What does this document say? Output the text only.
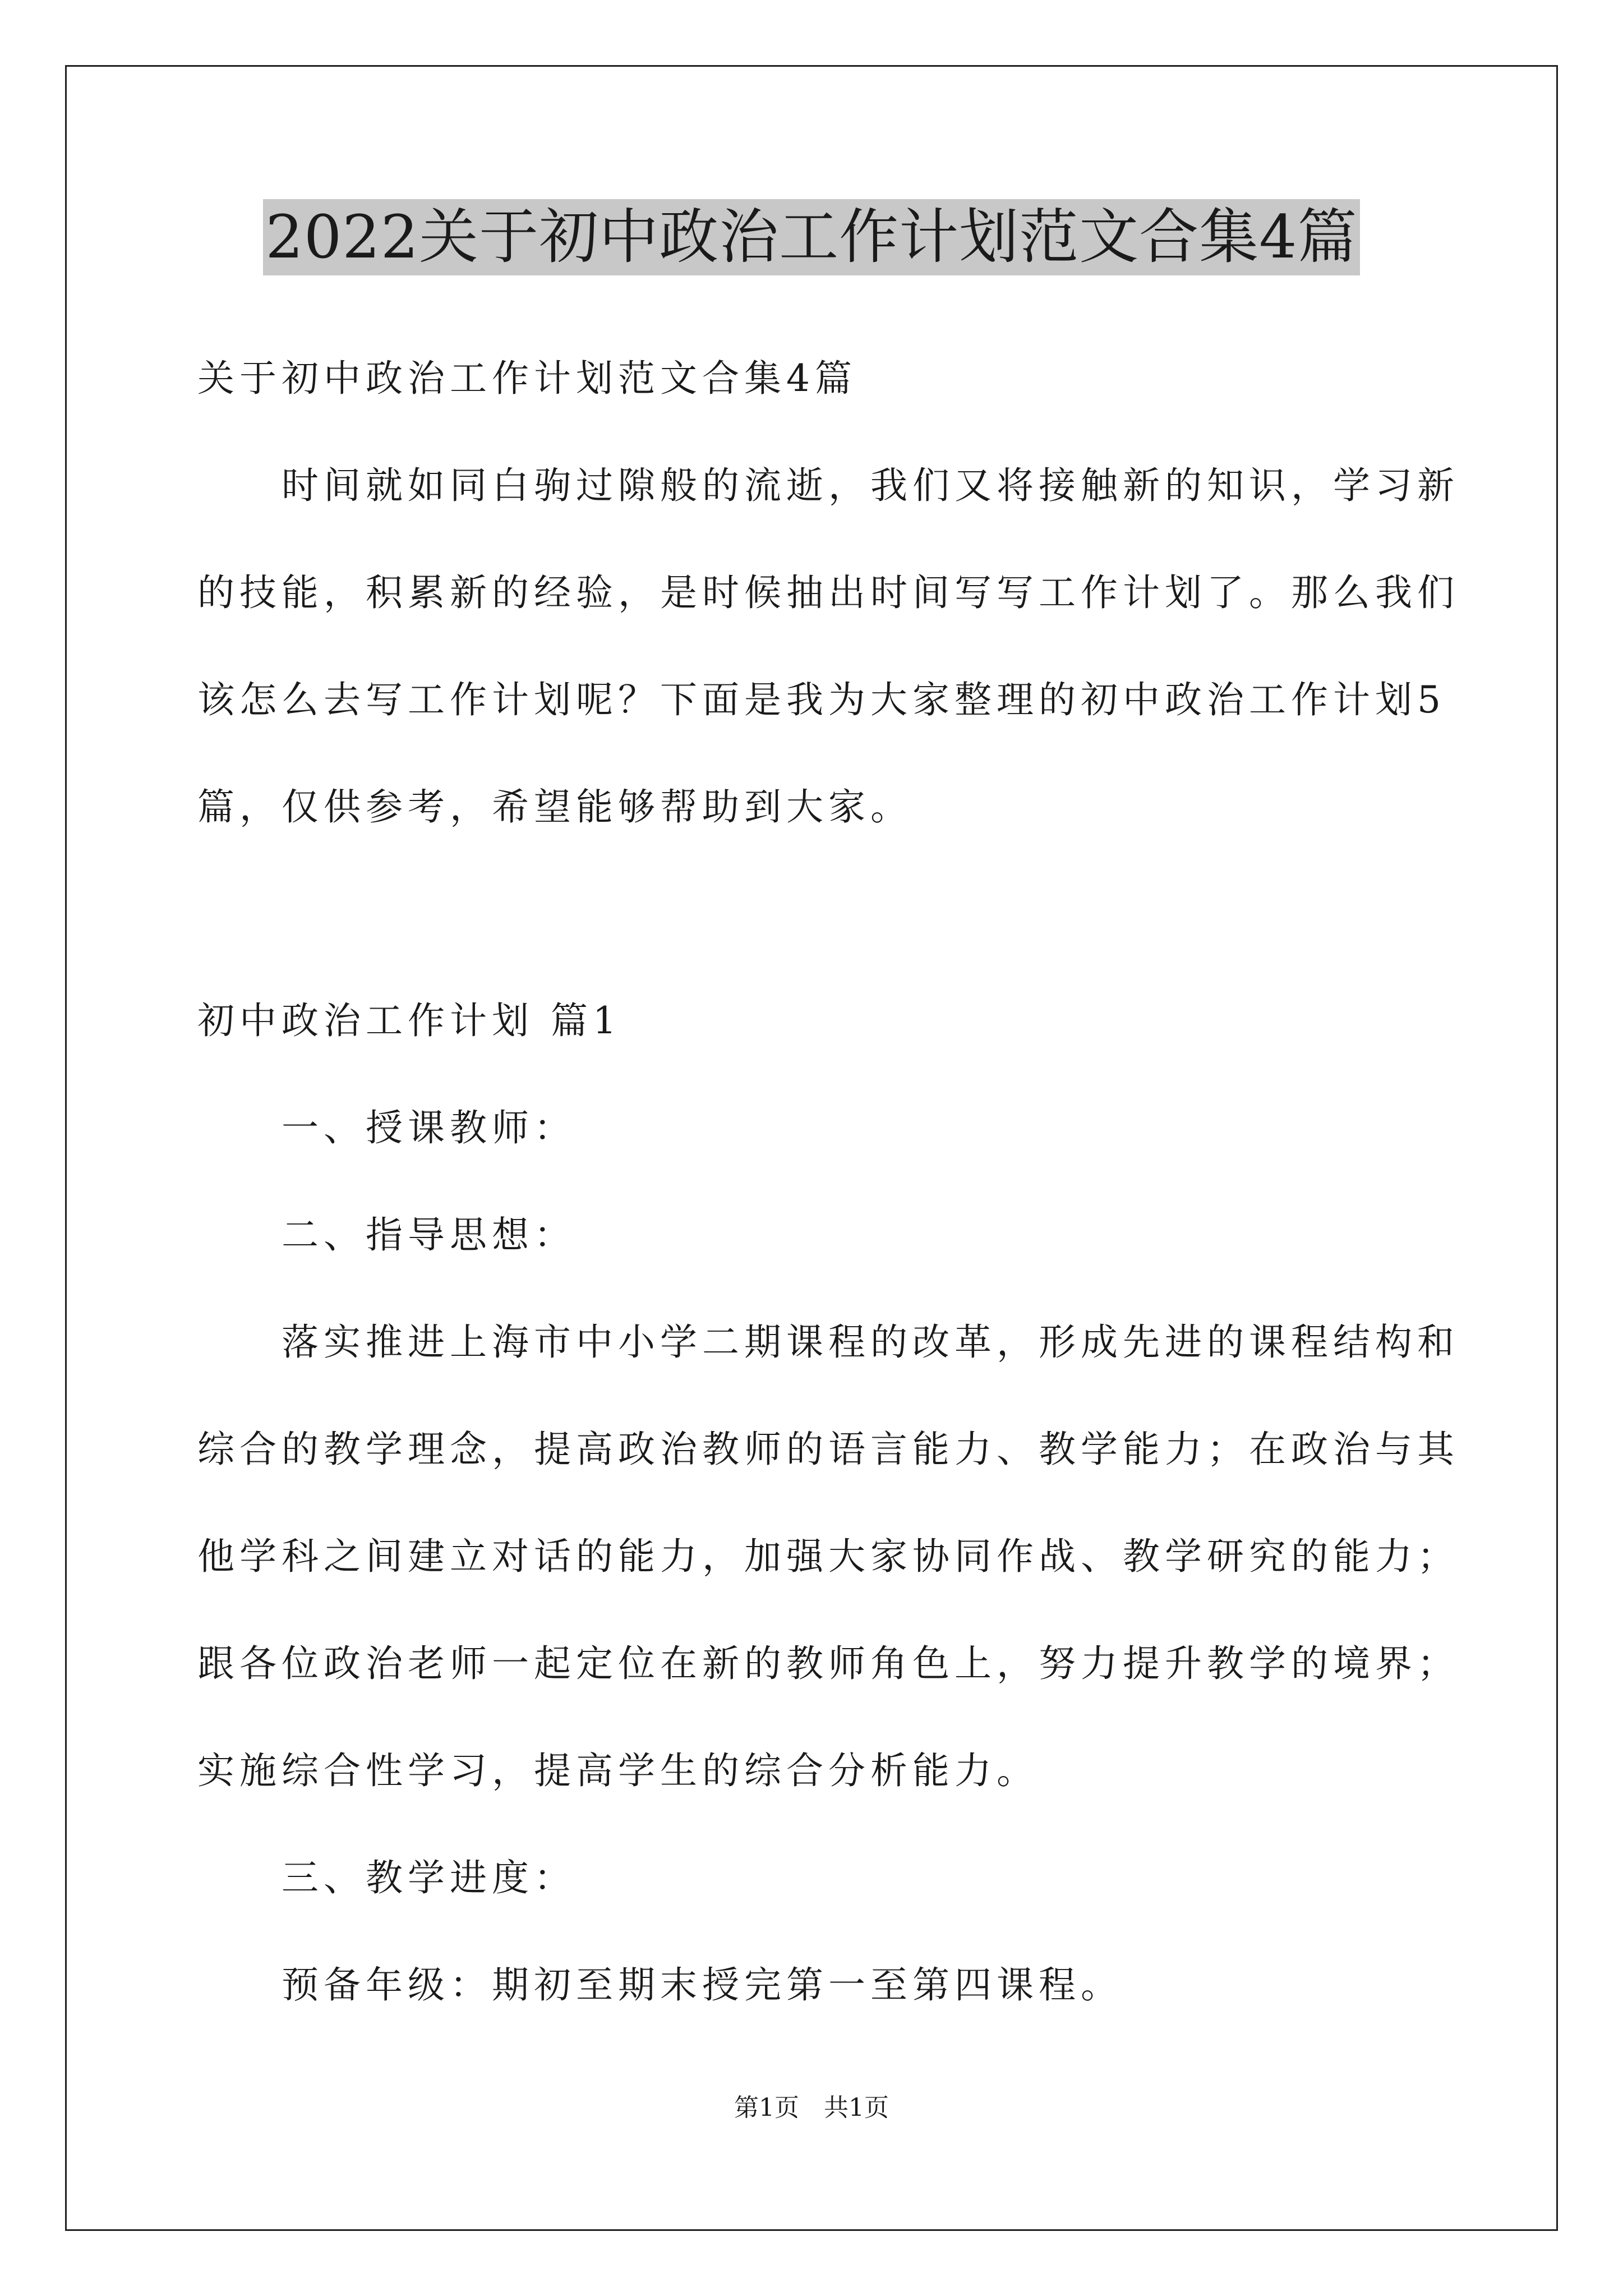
2022关于初中政治工作计划范文合集4篇
关于初中政治工作计划范文合集4篇
时间就如同白驹过隙般的流逝，我们又将接触新的知识，学习新
的技能，积累新的经验，是时候抽出时间写写工作计划了。那么我们
该怎么去写工作计划呢？下面是我为大家整理的初中政治工作计划5
篇，仅供参考，希望能够帮助到大家。
初中政治工作计划 篇1
一、授课教师：
二、指导思想：
落实推进上海市中小学二期课程的改革，形成先进的课程结构和
综合的教学理念，提高政治教师的语言能力、教学能力；在政治与其
他学科之间建立对话的能力，加强大家协同作战、教学研究的能力；
跟各位政治老师一起定位在新的教师角色上，努力提升教学的境界；
实施综合性学习，提高学生的综合分析能力。
三、教学进度：
预备年级：期初至期末授完第一至第四课程。
第1页　共1页
